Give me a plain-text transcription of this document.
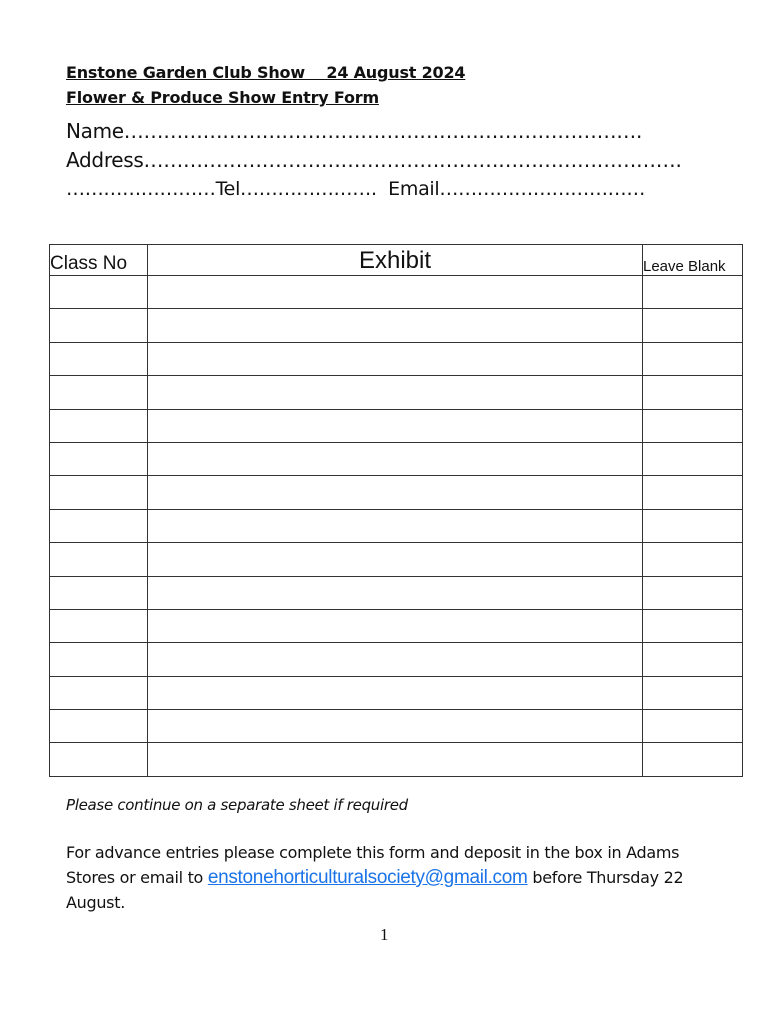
Enstone Garden Club Show    24 August 2024
Flower & Produce Show Entry Form
Name…………………………………………………………………….
Address……………………………………………………………………….
……………………Tel………………….  Email……………………………
Class No	Exhibit	Leave Blank

Please continue on a separate sheet if required
For advance entries please complete this form and deposit in the box in Adams Stores or email to enstonehorticulturalsociety@gmail.com before Thursday 22 August.
1
